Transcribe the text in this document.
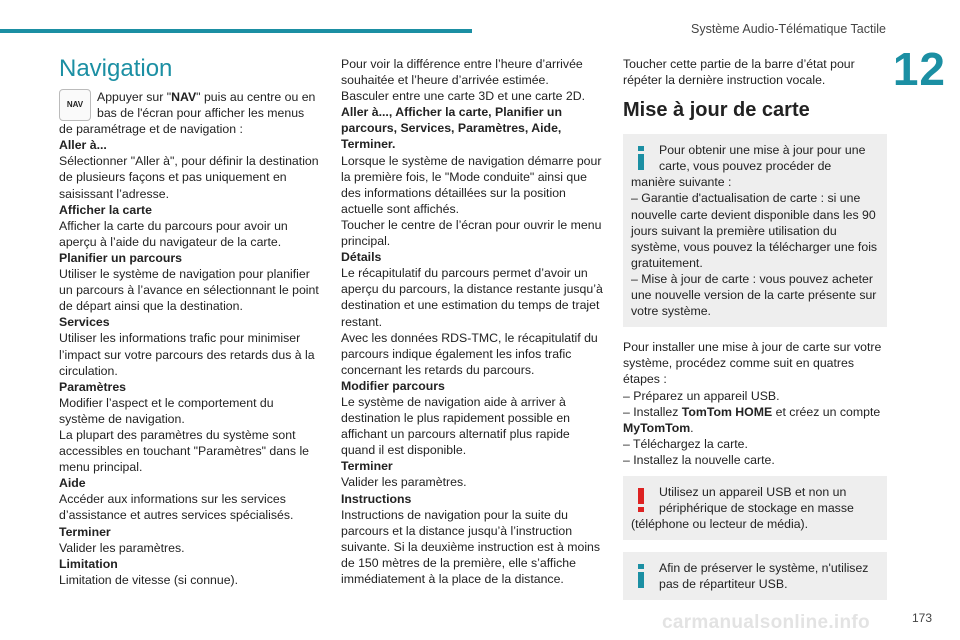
Système Audio-Télématique Tactile
12
Navigation
NAV
Appuyer sur "NAV" puis au centre ou en bas de l'écran pour afficher les menus de paramétrage et de navigation :

Aller à...

Sélectionner "Aller à", pour définir la destination de plusieurs façons et pas uniquement en saisissant l’adresse.

Afficher la carte

Afficher la carte du parcours pour avoir un aperçu à l’aide du navigateur de la carte.

Planifier un parcours

Utiliser le système de navigation pour planifier un parcours à l’avance en sélectionnant le point de départ ainsi que la destination.

Services

Utiliser les informations trafic pour minimiser l’impact sur votre parcours des retards dus à la circulation.

Paramètres

Modifier l’aspect et le comportement du système de navigation.

La plupart des paramètres du système sont accessibles en touchant "Paramètres" dans le menu principal.

Aide

Accéder aux informations sur les services d’assistance et autres services spécialisés.

Terminer

Valider les paramètres.

Limitation

Limitation de vitesse (si connue).

Pour voir la différence entre l’heure d’arrivée souhaitée et l’heure d’arrivée estimée.

Basculer entre une carte 3D et une carte 2D.

Aller à..., Afficher la carte, Planifier un parcours, Services, Paramètres, Aide, Terminer.

Lorsque le système de navigation démarre pour la première fois, le "Mode conduite" ainsi que des informations détaillées sur la position actuelle sont affichés.

Toucher le centre de l’écran pour ouvrir le menu principal.

Détails

Le récapitulatif du parcours permet d’avoir un aperçu du parcours, la distance restante jusqu’à destination et une estimation du temps de trajet restant.

Avec les données RDS-TMC, le récapitulatif du parcours indique également les infos trafic concernant les retards du parcours.

Modifier parcours

Le système de navigation aide à arriver à destination le plus rapidement possible en affichant un parcours alternatif plus rapide quand il est disponible.

Terminer

Valider les paramètres.

Instructions

Instructions de navigation pour la suite du parcours et la distance jusqu’à l’instruction suivante. Si la deuxième instruction est à moins de 150 mètres de la première, elle s’affiche immédiatement à la place de la distance.

Toucher cette partie de la barre d’état pour répéter la dernière instruction vocale.

Mise à jour de carte

Pour obtenir une mise à jour pour une carte, vous pouvez procéder de manière suivante :

– Garantie d'actualisation de carte : si une nouvelle carte devient disponible dans les 90 jours suivant la première utilisation du système, vous pouvez la télécharger une fois gratuitement.

– Mise à jour de carte : vous pouvez acheter une nouvelle version de la carte présente sur votre système.

Pour installer une mise à jour de carte sur votre système, procédez comme suit en quatres étapes :

– Préparez un appareil USB.

– Installez TomTom HOME et créez un compte MyTomTom.

– Téléchargez la carte.

– Installez la nouvelle carte.

Utilisez un appareil USB et non un périphérique de stockage en masse (téléphone ou lecteur de média).

Afin de préserver le système, n'utilisez pas de répartiteur USB.

carmanualsonline.info	173
